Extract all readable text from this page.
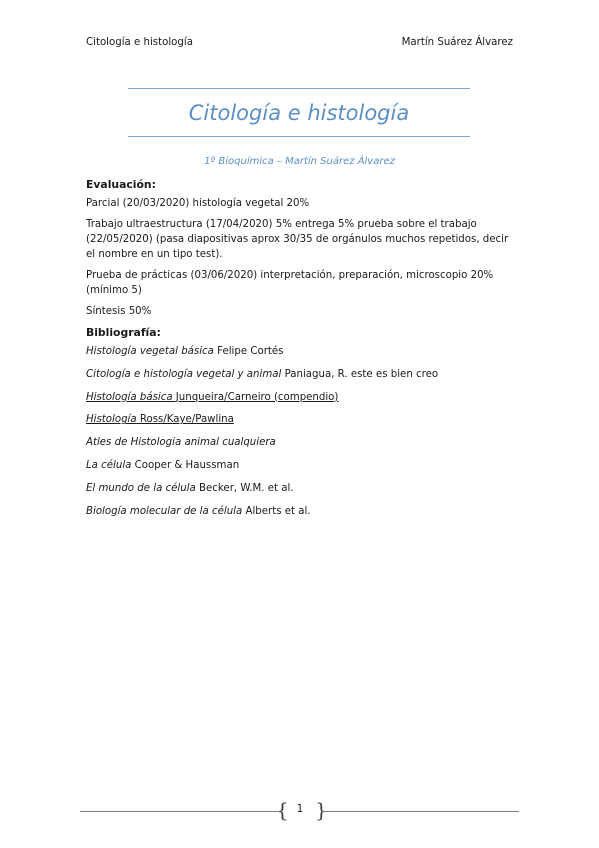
Citología e histología	Martín Suárez Álvarez
Citología e histología
1º Bioquímica – Martín Suárez Álvarez
Evaluación:

Parcial (20/03/2020) histología vegetal 20%

Trabajo ultraestructura (17/04/2020) 5% entrega 5% prueba sobre el trabajo (22/05/2020) (pasa diapositivas aprox 30/35 de orgánulos muchos repetidos, decir el nombre en un tipo test).

Prueba de prácticas (03/06/2020) interpretación, preparación, microscopio 20% (mínimo 5)

Síntesis 50%

Bibliografía:

Histología vegetal básica Felipe Cortés

Citología e histología vegetal y animal Paniagua, R. este es bien creo

Histología básica Junqueira/Carneiro (compendio)

Histología Ross/Kaye/Pawlina

Atles de Histologia animal cualquiera

La célula Cooper & Haussman

El mundo de la célula Becker, W.M. et al.

Biología molecular de la célula Alberts et al.

{ 1 }
